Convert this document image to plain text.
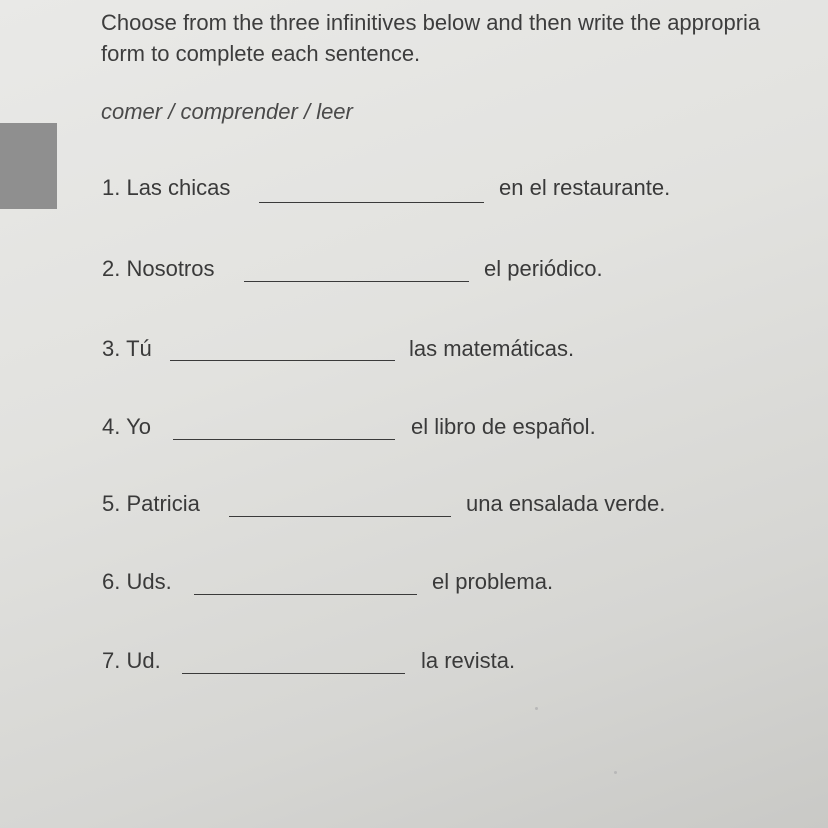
Choose from the three infinitives below and then write the appropria
form to complete each sentence.
comer / comprender / leer
1. Las chicas	en el restaurante.
2. Nosotros	el periódico.
3. Tú	las matemáticas.
4. Yo	el libro de español.
5. Patricia	una ensalada verde.
6. Uds.	el problema.
7. Ud.	la revista.
